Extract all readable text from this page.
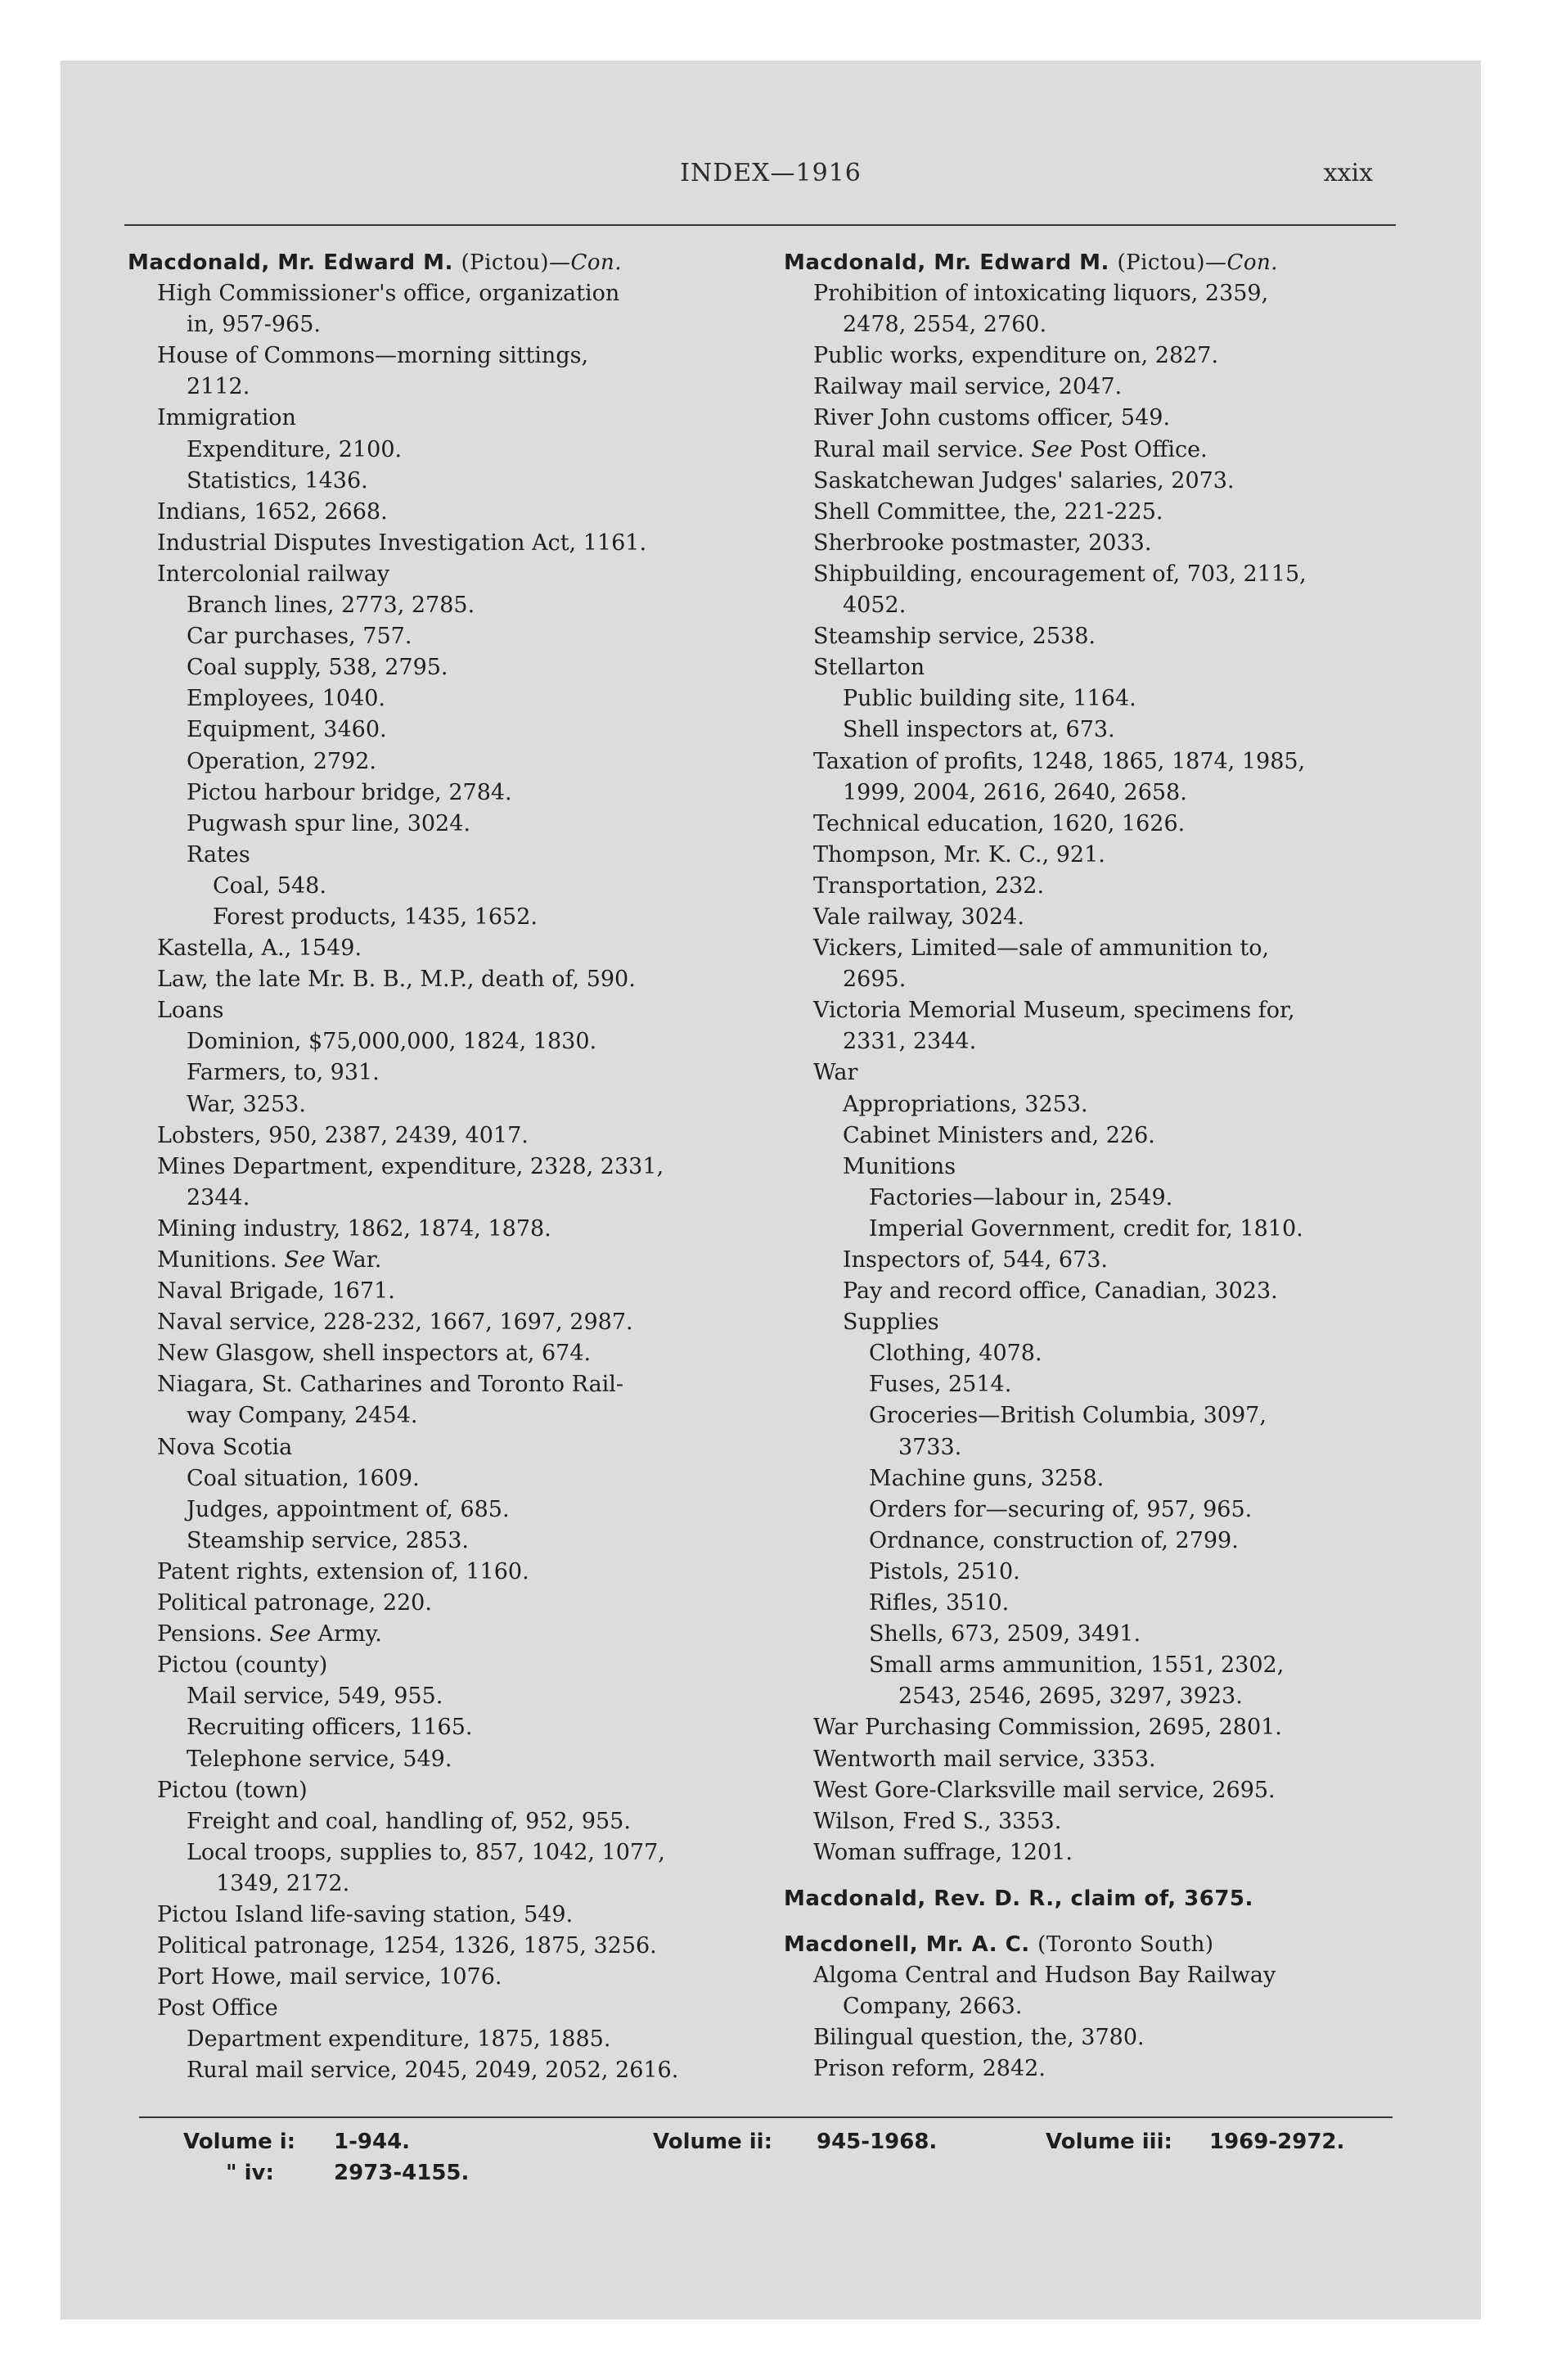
INDEX—1916	xxix
Macdonald, Mr. Edward M. (Pictou)—Con.
High Commissioner's office, organization
in, 957-965.
House of Commons—morning sittings,
2112.
Immigration
Expenditure, 2100.
Statistics, 1436.
Indians, 1652, 2668.
Industrial Disputes Investigation Act, 1161.
Intercolonial railway
Branch lines, 2773, 2785.
Car purchases, 757.
Coal supply, 538, 2795.
Employees, 1040.
Equipment, 3460.
Operation, 2792.
Pictou harbour bridge, 2784.
Pugwash spur line, 3024.
Rates
Coal, 548.
Forest products, 1435, 1652.
Kastella, A., 1549.
Law, the late Mr. B. B., M.P., death of, 590.
Loans
Dominion, $75,000,000, 1824, 1830.
Farmers, to, 931.
War, 3253.
Lobsters, 950, 2387, 2439, 4017.
Mines Department, expenditure, 2328, 2331,
2344.
Mining industry, 1862, 1874, 1878.
Munitions. See War.
Naval Brigade, 1671.
Naval service, 228-232, 1667, 1697, 2987.
New Glasgow, shell inspectors at, 674.
Niagara, St. Catharines and Toronto Rail-
way Company, 2454.
Nova Scotia
Coal situation, 1609.
Judges, appointment of, 685.
Steamship service, 2853.
Patent rights, extension of, 1160.
Political patronage, 220.
Pensions. See Army.
Pictou (county)
Mail service, 549, 955.
Recruiting officers, 1165.
Telephone service, 549.
Pictou (town)
Freight and coal, handling of, 952, 955.
Local troops, supplies to, 857, 1042, 1077,
1349, 2172.
Pictou Island life-saving station, 549.
Political patronage, 1254, 1326, 1875, 3256.
Port Howe, mail service, 1076.
Post Office
Department expenditure, 1875, 1885.
Rural mail service, 2045, 2049, 2052, 2616.
Macdonald, Mr. Edward M. (Pictou)—Con.
Prohibition of intoxicating liquors, 2359,
2478, 2554, 2760.
Public works, expenditure on, 2827.
Railway mail service, 2047.
River John customs officer, 549.
Rural mail service. See Post Office.
Saskatchewan Judges' salaries, 2073.
Shell Committee, the, 221-225.
Sherbrooke postmaster, 2033.
Shipbuilding, encouragement of, 703, 2115,
4052.
Steamship service, 2538.
Stellarton
Public building site, 1164.
Shell inspectors at, 673.
Taxation of profits, 1248, 1865, 1874, 1985,
1999, 2004, 2616, 2640, 2658.
Technical education, 1620, 1626.
Thompson, Mr. K. C., 921.
Transportation, 232.
Vale railway, 3024.
Vickers, Limited—sale of ammunition to,
2695.
Victoria Memorial Museum, specimens for,
2331, 2344.
War
Appropriations, 3253.
Cabinet Ministers and, 226.
Munitions
Factories—labour in, 2549.
Imperial Government, credit for, 1810.
Inspectors of, 544, 673.
Pay and record office, Canadian, 3023.
Supplies
Clothing, 4078.
Fuses, 2514.
Groceries—British Columbia, 3097,
3733.
Machine guns, 3258.
Orders for—securing of, 957, 965.
Ordnance, construction of, 2799.
Pistols, 2510.
Rifles, 3510.
Shells, 673, 2509, 3491.
Small arms ammunition, 1551, 2302,
2543, 2546, 2695, 3297, 3923.
War Purchasing Commission, 2695, 2801.
Wentworth mail service, 3353.
West Gore-Clarksville mail service, 2695.
Wilson, Fred S., 3353.
Woman suffrage, 1201.
Macdonald, Rev. D. R., claim of, 3675.
Macdonell, Mr. A. C. (Toronto South)
Algoma Central and Hudson Bay Railway
Company, 2663.
Bilingual question, the, 3780.
Prison reform, 2842.
Volume i: 1-944.	Volume ii: 945-1968.	Volume iii: 1969-2972.
" iv:	2973-4155.
